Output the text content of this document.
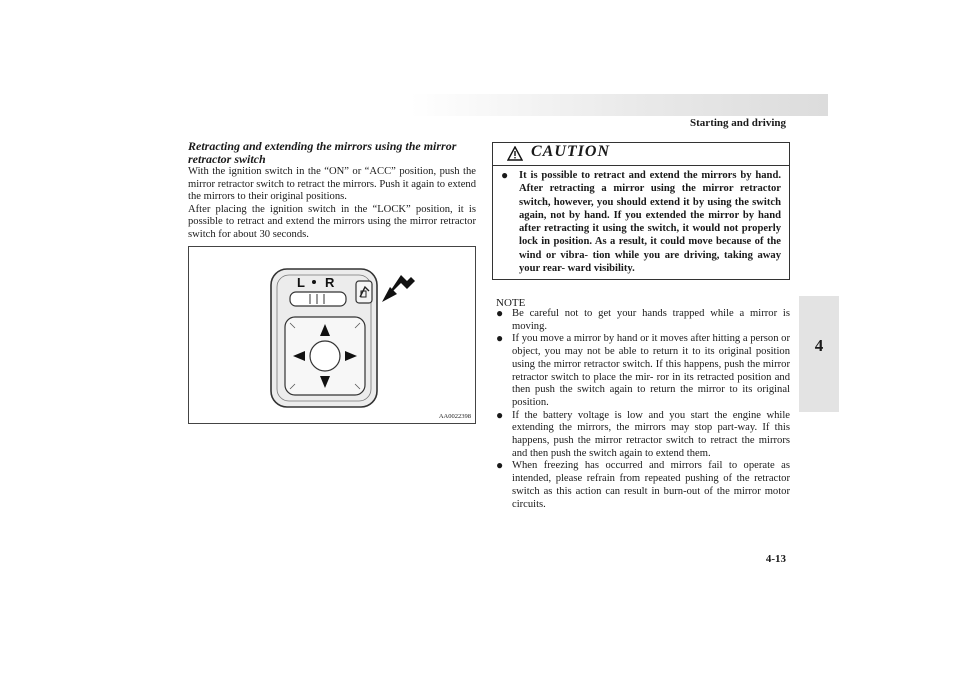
Starting and driving
4
Retracting and extending the mirrors using the mirror retractor switch

With the ignition switch in the “ON” or “ACC” position, push the mirror retractor switch to retract the mirrors. Push it again to extend the mirrors to their original positions.

After placing the ignition switch in the “LOCK” position, it is possible to retract and extend the mirrors using the mirror retractor switch for about 30 seconds.

L R
AA0022398
CAUTION
● It is possible to retract and extend the mirrors by hand. After retracting a mirror using the mirror retractor switch, however, you should extend it by using the switch again, not by hand. If you extended the mirror by hand after retracting it using the switch, it would not properly lock in position. As a result, it could move because of the wind or vibra- tion while you are driving, taking away your rear- ward visibility.
NOTE
● Be careful not to get your hands trapped while a mirror is moving.
● If you move a mirror by hand or it moves after hitting a person or object, you may not be able to return it to its original position using the mirror retractor switch. If this happens, push the mirror retractor switch to place the mir- ror in its retracted position and then push the switch again to return the mirror to its original position.
● If the battery voltage is low and you start the engine while extending the mirrors, the mirrors may stop part-way. If this happens, push the mirror retractor switch to retract the mirrors and then push the switch again to extend them.
● When freezing has occurred and mirrors fail to operate as intended, please refrain from repeated pushing of the retractor switch as this action can result in burn-out of the mirror motor circuits.
4-13
